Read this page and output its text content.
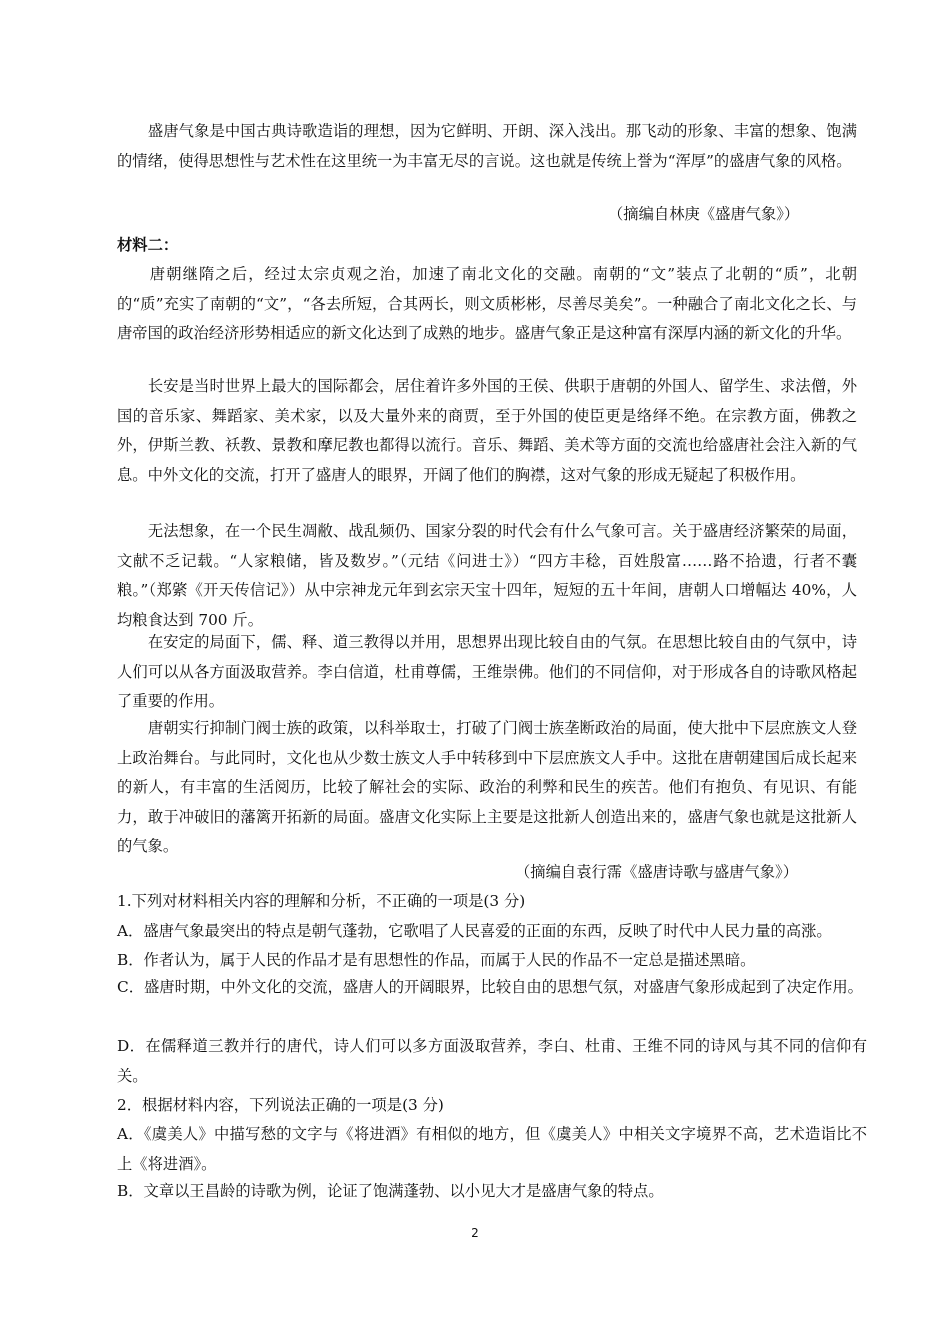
　　盛唐气象是中国古典诗歌造诣的理想，因为它鲜明、开朗、深入浅出。那飞动的形象、丰富的想象、饱满的情绪，使得思想性与艺术性在这里统一为丰富无尽的言说。这也就是传统上誉为“浑厚”的盛唐气象的风格。

（摘编自林庚《盛唐气象》）

材料二：

　　唐朝继隋之后，经过太宗贞观之治，加速了南北文化的交融。南朝的“文”装点了北朝的“质”，北朝的“质”充实了南朝的“文”，“各去所短，合其两长，则文质彬彬，尽善尽美矣”。一种融合了南北文化之长、与唐帝国的政治经济形势相适应的新文化达到了成熟的地步。盛唐气象正是这种富有深厚内涵的新文化的升华。

　　长安是当时世界上最大的国际都会，居住着许多外国的王侯、供职于唐朝的外国人、留学生、求法僧，外国的音乐家、舞蹈家、美术家，以及大量外来的商贾，至于外国的使臣更是络绎不绝。在宗教方面，佛教之外，伊斯兰教、袄教、景教和摩尼教也都得以流行。音乐、舞蹈、美术等方面的交流也给盛唐社会注入新的气息。中外文化的交流，打开了盛唐人的眼界，开阔了他们的胸襟，这对气象的形成无疑起了积极作用。

　　无法想象，在一个民生凋敝、战乱频仍、国家分裂的时代会有什么气象可言。关于盛唐经济繁荣的局面，文献不乏记载。“人家粮储，皆及数岁。”（元结《问进士》）“四方丰稔，百姓殷富……路不拾遗，行者不囊粮。”（郑綮《开天传信记》）从中宗神龙元年到玄宗天宝十四年，短短的五十年间，唐朝人口增幅达 40%，人均粮食达到 700 斤。

　　在安定的局面下，儒、释、道三教得以并用，思想界出现比较自由的气氛。在思想比较自由的气氛中，诗人们可以从各方面汲取营养。李白信道，杜甫尊儒，王维崇佛。他们的不同信仰，对于形成各自的诗歌风格起了重要的作用。

　　唐朝实行抑制门阀士族的政策，以科举取士，打破了门阀士族垄断政治的局面，使大批中下层庶族文人登上政治舞台。与此同时，文化也从少数士族文人手中转移到中下层庶族文人手中。这批在唐朝建国后成长起来的新人，有丰富的生活阅历，比较了解社会的实际、政治的利弊和民生的疾苦。他们有抱负、有见识、有能力，敢于冲破旧的藩篱开拓新的局面。盛唐文化实际上主要是这批新人创造出来的，盛唐气象也就是这批新人的气象。

（摘编自袁行霈《盛唐诗歌与盛唐气象》）

1.下列对材料相关内容的理解和分析，不正确的一项是(3 分)

A．盛唐气象最突出的特点是朝气蓬勃，它歌唱了人民喜爱的正面的东西，反映了时代中人民力量的高涨。

B．作者认为，属于人民的作品才是有思想性的作品，而属于人民的作品不一定总是描述黑暗。

C．盛唐时期，中外文化的交流，盛唐人的开阔眼界，比较自由的思想气氛，对盛唐气象形成起到了决定作用。

D．在儒释道三教并行的唐代，诗人们可以多方面汲取营养，李白、杜甫、王维不同的诗风与其不同的信仰有关。

2．根据材料内容，下列说法正确的一项是(3 分)

A．《虞美人》中描写愁的文字与《将进酒》有相似的地方，但《虞美人》中相关文字境界不高，艺术造诣比不上《将进酒》。

B．文章以王昌龄的诗歌为例，论证了饱满蓬勃、以小见大才是盛唐气象的特点。

2
